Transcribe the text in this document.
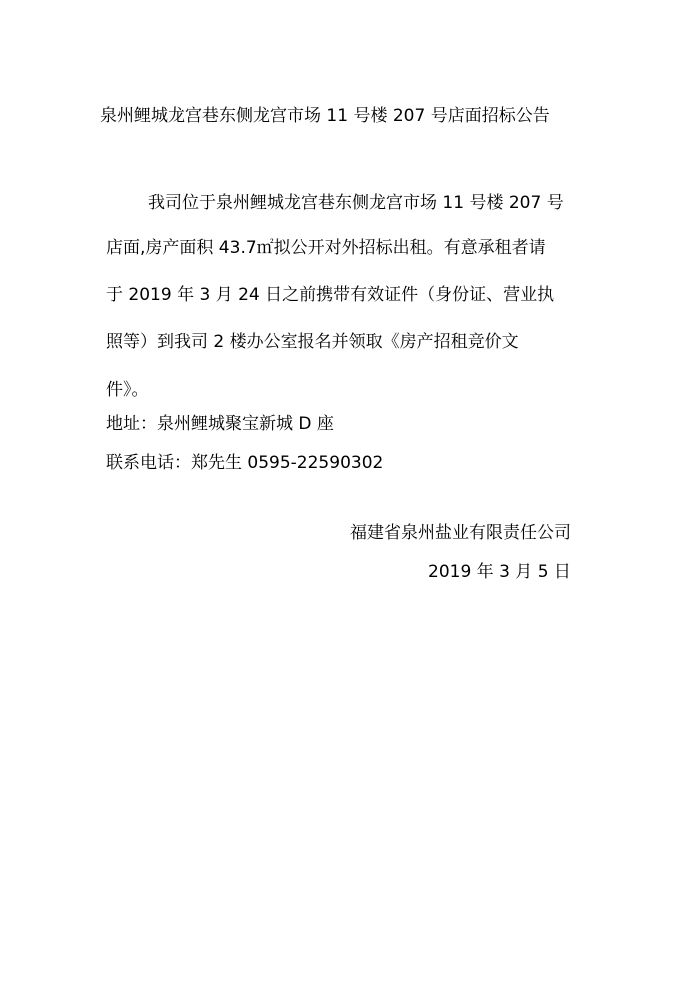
泉州鲤城龙宫巷东侧龙宫市场 11 号楼 207 号店面招标公告
我司位于泉州鲤城龙宫巷东侧龙宫市场 11 号楼 207 号
店面,房产面积 43.7㎡拟公开对外招标出租。有意承租者请
于 2019 年 3 月 24 日之前携带有效证件（身份证、营业执
照等）到我司 2 楼办公室报名并领取《房产招租竞价文
件》。
地址：泉州鲤城聚宝新城 D 座
联系电话：郑先生 0595-22590302
福建省泉州盐业有限责任公司
2019 年 3 月 5 日
